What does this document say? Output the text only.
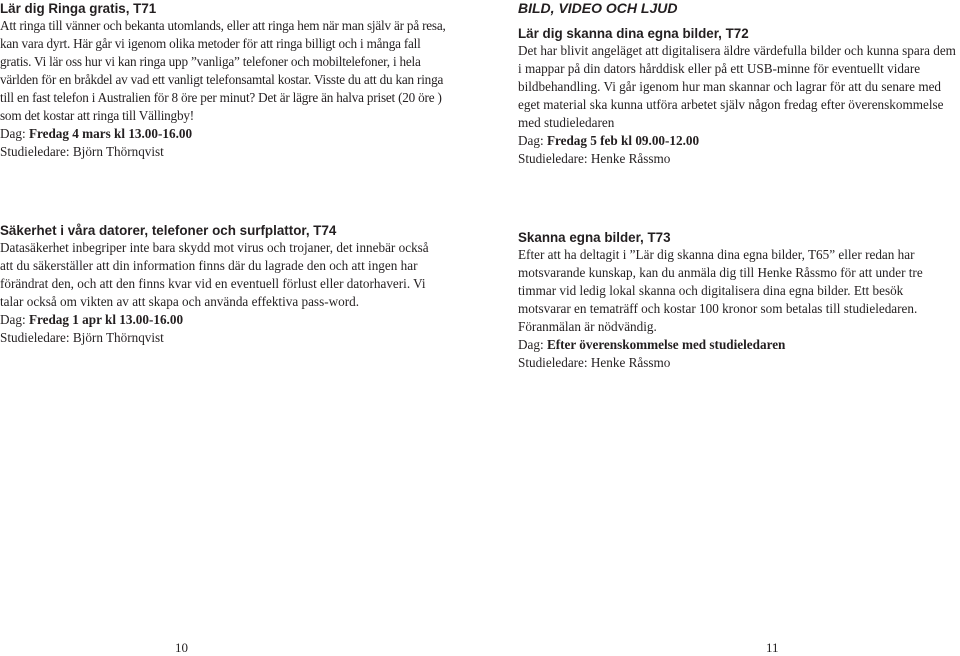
Lär dig Ringa gratis, T71
Att ringa till vänner och bekanta utomlands, eller att ringa hem när man själv är på resa, kan vara dyrt. Här går vi igenom olika metoder för att ringa billigt och i många fall gratis. Vi lär oss hur vi kan ringa upp ”vanliga” telefoner och mobiltelefoner, i hela världen för en bråkdel av vad ett vanligt telefonsamtal kostar. Visste du att du kan ringa till en fast telefon i Australien för 8 öre per minut? Det är lägre än halva priset (20 öre ) som det kostar att ringa till Vällingby!
Dag: Fredag 4 mars kl 13.00-16.00
Studieledare: Björn Thörnqvist
Säkerhet i våra datorer, telefoner och surfplattor, T74
Datasäkerhet inbegriper inte bara skydd mot virus och trojaner, det innebär också att du säkerställer att din information finns där du lagrade den och att ingen har förändrat den, och att den finns kvar vid en eventuell förlust eller datorhaveri. Vi talar också om vikten av att skapa och använda effektiva pass-word.
Dag: Fredag 1 apr kl 13.00-16.00
Studieledare: Björn Thörnqvist
10
BILD, VIDEO OCH LJUD
Lär dig skanna dina egna bilder, T72
Det har blivit angeläget att digitalisera äldre värdefulla bilder och kunna spara dem i mappar på din dators hårddisk eller på ett USB-minne för eventuellt vidare bildbehandling. Vi går igenom hur man skannar och lagrar för att du senare med eget material ska kunna utföra arbetet själv någon fredag efter överenskommelse med studieledaren
Dag: Fredag 5 feb kl 09.00-12.00
Studieledare: Henke Råssmo
Skanna egna bilder, T73
Efter att ha deltagit i ”Lär dig skanna dina egna bilder, T65” eller redan har motsvarande kunskap, kan du anmäla dig till Henke Råssmo för att under tre timmar vid ledig lokal skanna och digitalisera dina egna bilder. Ett besök motsvarar en tematräff och kostar 100 kronor som betalas till studieledaren. Föranmälan är nödvändig.
Dag: Efter överenskommelse med studieledaren
Studieledare: Henke Råssmo
11
